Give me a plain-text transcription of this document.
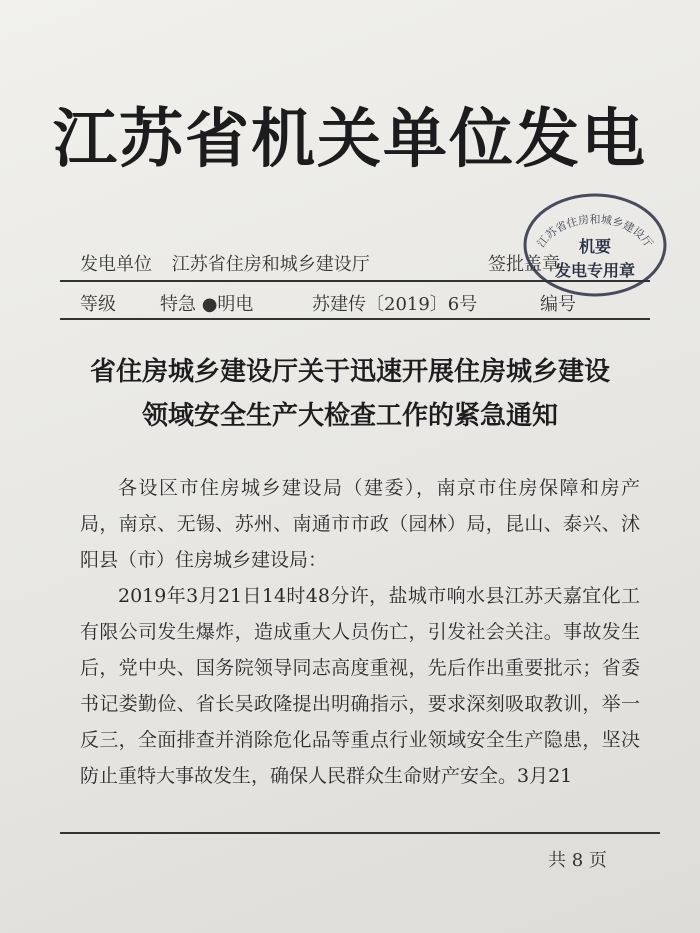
江苏省机关单位发电
发电单位 江苏省住房和城乡建设厅	签批盖章
等级 特急 ●明电	苏建传〔2019〕6号	编号
江苏省住房和城乡建设厅
机要
发电专用章
省住房城乡建设厅关于迅速开展住房城乡建设
领域安全生产大检查工作的紧急通知
各设区市住房城乡建设局（建委），南京市住房保障和房产局，南京、无锡、苏州、南通市市政（园林）局，昆山、泰兴、沭阳县（市）住房城乡建设局：
2019年3月21日14时48分许，盐城市响水县江苏天嘉宜化工有限公司发生爆炸，造成重大人员伤亡，引发社会关注。事故发生后，党中央、国务院领导同志高度重视，先后作出重要批示；省委书记娄勤俭、省长吴政隆提出明确指示，要求深刻吸取教训，举一反三，全面排查并消除危化品等重点行业领域安全生产隐患，坚决防止重特大事故发生，确保人民群众生命财产安全。3月21
共 8 页
